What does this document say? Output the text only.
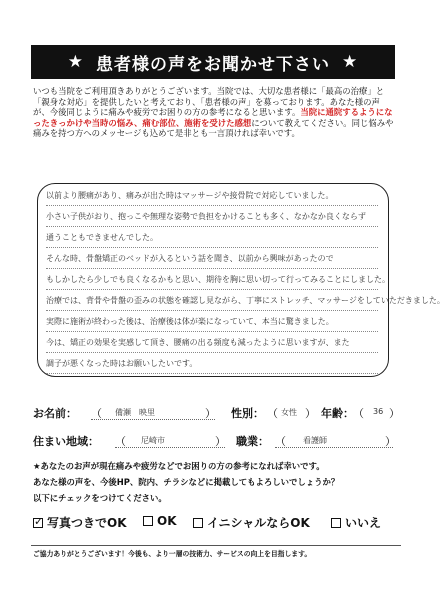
★ 患者様の声をお聞かせ下さい ★
いつも当院をご利用頂きありがとうございます。当院では、大切な患者様に「最高の治療」と「親身な対応」を提供したいと考えており、「患者様の声」を募っております。あなた様の声が、今後同じように痛みや疲労でお困りの方の参考になると思います。当院に通院するようになったきっかけや当時の悩み、痛む部位、施術を受けた感想について教えてください。同じ悩みや痛みを持つ方へのメッセージも込めて是非とも一言頂ければ幸いです。
以前より腰痛があり、痛みが出た時はマッサージや接骨院で対応していました。
小さい子供がおり、抱っこや無理な姿勢で負担をかけることも多く、なかなか良くならず
通うこともできませんでした。
そんな時、骨盤矯正のベッドが入るという話を聞き、以前から興味があったので
もしかしたら少しでも良くなるかもと思い、期待を胸に思い切って行ってみることにしました。
治療では、背骨や骨盤の歪みの状態を確認し見ながら、丁寧にストレッチ、マッサージをしていただきました。
実際に施術が終わった後は、治療後は体が楽になっていて、本当に驚きました。
今は、矯正の効果を実感して頂き、腰痛の出る頻度も減ったように思いますが、また
調子が悪くなった時はお願いしたいです。
お名前： （ 備瀬　映里	） 性別： （ 女性 ） 年齢： （ 36 ）
住まい地域： （ 尼崎市	） 職業： （ 看護師	）
★あなたのお声が現在痛みや疲労などでお困りの方の参考になれば幸いです。
あなた様の声を、今後HP、院内、チラシなどに掲載してもよろしいでしょうか？
以下にチェックをつけてください。
✓ 写真つきでOK	OK	イニシャルならOK	いいえ
ご協力ありがとうございます！今後も、より一層の技術力、サービスの向上を目指します。
